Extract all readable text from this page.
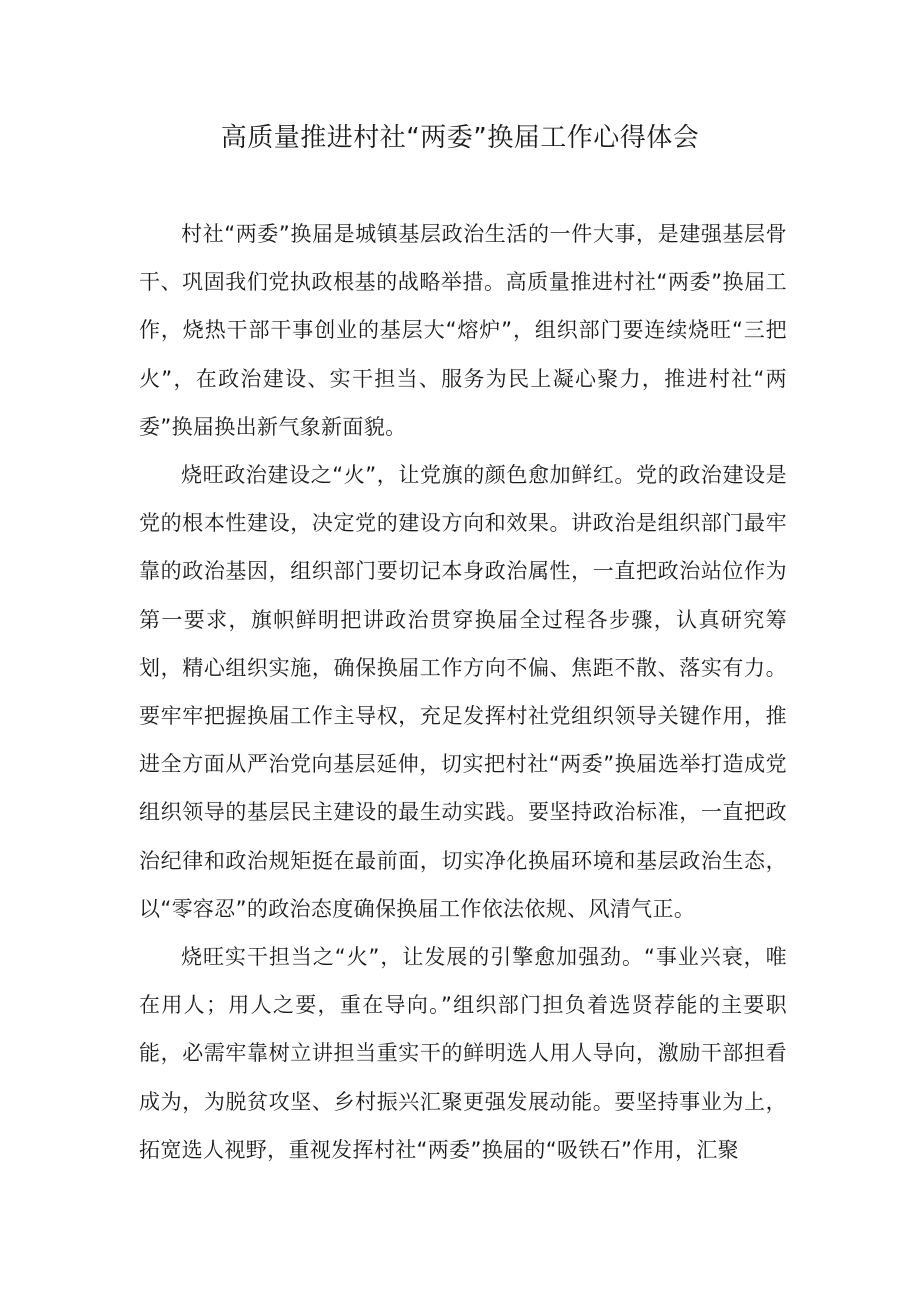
高质量推进村社“两委”换届工作心得体会

村社“两委”换届是城镇基层政治生活的一件大事，是建强基层骨干、巩固我们党执政根基的战略举措。高质量推进村社“两委”换届工作，烧热干部干事创业的基层大“熔炉”，组织部门要连续烧旺“三把火”，在政治建设、实干担当、服务为民上凝心聚力，推进村社“两委”换届换出新气象新面貌。

烧旺政治建设之“火”，让党旗的颜色愈加鲜红。党的政治建设是党的根本性建设，决定党的建设方向和效果。讲政治是组织部门最牢靠的政治基因，组织部门要切记本身政治属性，一直把政治站位作为第一要求，旗帜鲜明把讲政治贯穿换届全过程各步骤，认真研究筹划，精心组织实施，确保换届工作方向不偏、焦距不散、落实有力。要牢牢把握换届工作主导权，充足发挥村社党组织领导关键作用，推进全方面从严治党向基层延伸，切实把村社“两委”换届选举打造成党组织领导的基层民主建设的最生动实践。要坚持政治标准，一直把政治纪律和政治规矩挺在最前面，切实净化换届环境和基层政治生态，以“零容忍”的政治态度确保换届工作依法依规、风清气正。

烧旺实干担当之“火”，让发展的引擎愈加强劲。“事业兴衰，唯在用人；用人之要，重在导向。”组织部门担负着选贤荐能的主要职能，必需牢靠树立讲担当重实干的鲜明选人用人导向，激励干部担看成为，为脱贫攻坚、乡村振兴汇聚更强发展动能。要坚持事业为上，拓宽选人视野，重视发挥村社“两委”换届的“吸铁石”作用，汇聚
